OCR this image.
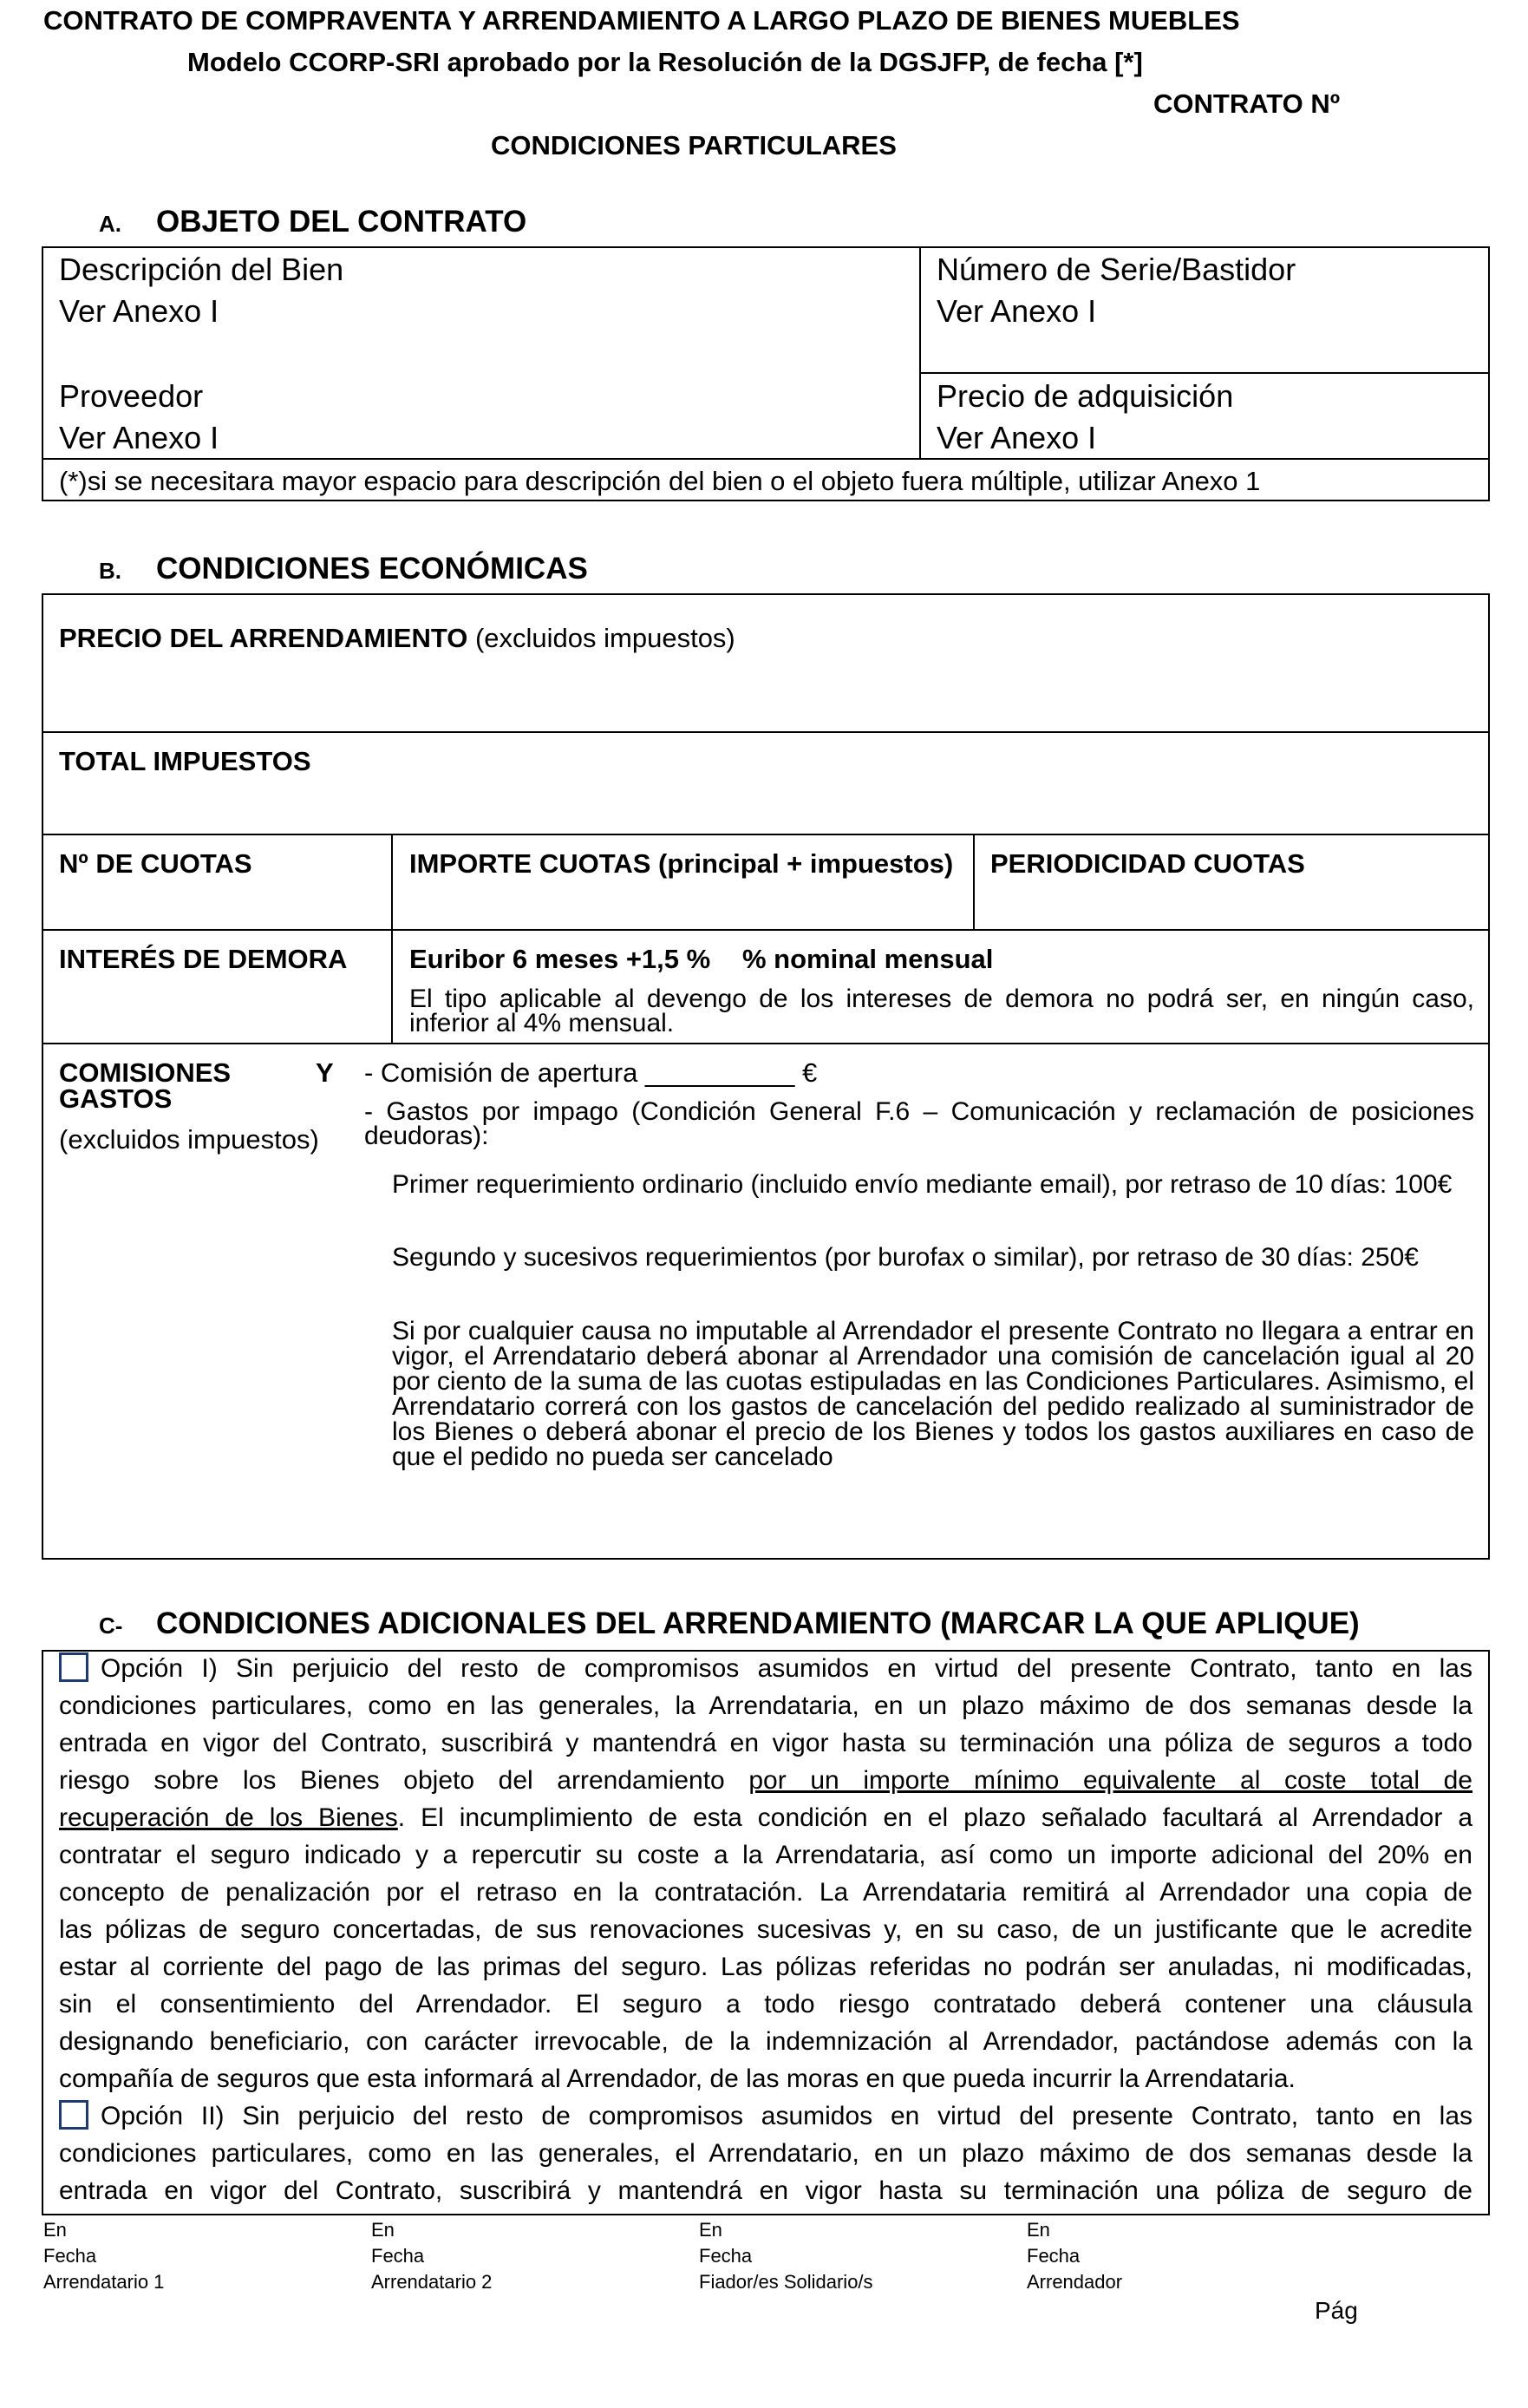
CONTRATO DE COMPRAVENTA Y ARRENDAMIENTO A LARGO PLAZO DE BIENES MUEBLES
Modelo CCORP-SRI aprobado por la Resolución de la DGSJFP, de fecha [*]
CONTRATO Nº
CONDICIONES PARTICULARES
A. OBJETO DEL CONTRATO
Descripción del Bien
Ver Anexo I
Número de Serie/Bastidor
Ver Anexo I
Proveedor
Ver Anexo I
Precio de adquisición
Ver Anexo I
(*)si se necesitara mayor espacio para descripción del bien o el objeto fuera múltiple, utilizar Anexo 1
B. CONDICIONES ECONÓMICAS
PRECIO DEL ARRENDAMIENTO (excluidos impuestos)
TOTAL IMPUESTOS
Nº DE CUOTAS	IMPORTE CUOTAS (principal + impuestos) PERIODICIDAD CUOTAS
INTERÉS DE DEMORA Euribor 6 meses +1,5 % % nominal mensual
El tipo aplicable al devengo de los intereses de demora no podrá ser, en ningún caso, inferior al 4% mensual.
COMISIONES	Y
GASTOS
(excluidos impuestos)
- Comisión de apertura __________ €
- Gastos por impago (Condición General F.6 – Comunicación y reclamación de posiciones deudoras):
Primer requerimiento ordinario (incluido envío mediante email), por retraso de 10 días: 100€
Segundo y sucesivos requerimientos (por burofax o similar), por retraso de 30 días: 250€
Si por cualquier causa no imputable al Arrendador el presente Contrato no llegara a entrar en vigor, el Arrendatario deberá abonar al Arrendador una comisión de cancelación igual al 20 por ciento de la suma de las cuotas estipuladas en las Condiciones Particulares. Asimismo, el Arrendatario correrá con los gastos de cancelación del pedido realizado al suministrador de los Bienes o deberá abonar el precio de los Bienes y todos los gastos auxiliares en caso de que el pedido no pueda ser cancelado
C- CONDICIONES ADICIONALES DEL ARRENDAMIENTO (MARCAR LA QUE APLIQUE)
Opción I) Sin perjuicio del resto de compromisos asumidos en virtud del presente Contrato, tanto en las
condiciones particulares, como en las generales, la Arrendataria, en un plazo máximo de dos semanas desde la
entrada en vigor del Contrato, suscribirá y mantendrá en vigor hasta su terminación una póliza de seguros a todo
riesgo sobre los Bienes objeto del arrendamiento por un importe mínimo equivalente al coste total de
recuperación de los Bienes. El incumplimiento de esta condición en el plazo señalado facultará al Arrendador a
contratar el seguro indicado y a repercutir su coste a la Arrendataria, así como un importe adicional del 20% en
concepto de penalización por el retraso en la contratación. La Arrendataria remitirá al Arrendador una copia de
las pólizas de seguro concertadas, de sus renovaciones sucesivas y, en su caso, de un justificante que le acredite
estar al corriente del pago de las primas del seguro. Las pólizas referidas no podrán ser anuladas, ni modificadas,
sin el consentimiento del Arrendador. El seguro a todo riesgo contratado deberá contener una cláusula
designando beneficiario, con carácter irrevocable, de la indemnización al Arrendador, pactándose además con la
compañía de seguros que esta informará al Arrendador, de las moras en que pueda incurrir la Arrendataria.
Opción II) Sin perjuicio del resto de compromisos asumidos en virtud del presente Contrato, tanto en las
condiciones particulares, como en las generales, el Arrendatario, en un plazo máximo de dos semanas desde la
entrada en vigor del Contrato, suscribirá y mantendrá en vigor hasta su terminación una póliza de seguro de
En
Fecha
Arrendatario 1
En
Fecha
Arrendatario 2
En
Fecha
Fiador/es Solidario/s
En
Fecha
Arrendador
Pág
